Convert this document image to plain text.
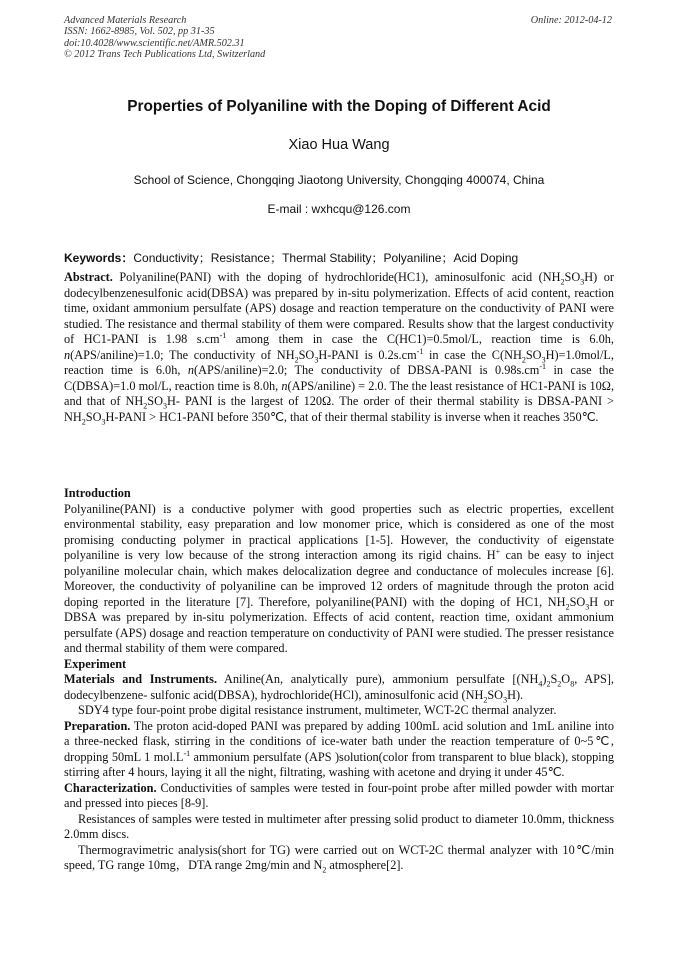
Advanced Materials Research
ISSN: 1662-8985, Vol. 502, pp 31-35
doi:10.4028/www.scientific.net/AMR.502.31
© 2012 Trans Tech Publications Ltd, Switzerland
Online: 2012-04-12
Properties of Polyaniline with the Doping of Different Acid
Xiao Hua Wang
School of Science, Chongqing Jiaotong University, Chongqing 400074, China
E-mail : wxhcqu@126.com
Keywords：Conductivity；Resistance；Thermal Stability；Polyaniline；Acid Doping
Abstract. Polyaniline(PANI) with the doping of hydrochloride(HC1), aminosulfonic acid $(NH_2SO_3H)$ or dodecylbenzenesulfonic acid(DBSA) was prepared by in-situ polymerization. Effects of acid content, reaction time, oxidant ammonium persulfate (APS) dosage and reaction temperature on the conductivity of PANI were studied. The resistance and thermal stability of them were compared. Results show that the largest conductivity of HC1-PANI is 1.98 $s.cm^{-1}$ among them in case the C(HC1)=0.5mol/L, reaction time is 6.0h, n(APS/aniline)=1.0; The conductivity of $NH_2SO_3H$-PANI is $0.2s.cm^{-1}$ in case the $C(NH_2SO_3H)=1.0mol/L$, reaction time is 6.0h, n(APS/aniline)=2.0; The conductivity of DBSA-PANI is $0.98s.cm^{-1}$ in case the C(DBSA)=1.0 mol/L, reaction time is 8.0h, n(APS/aniline) = 2.0. The the least resistance of HC1-PANI is 10Ω, and that of $NH_2SO_3H-$ PANI is the largest of 120Ω. The order of their thermal stability is DBSA-PANI > $NH_2SO_3H$-PANI > HC1-PANI before 350℃, that of their thermal stability is inverse when it reaches 350℃.

Introduction

Polyaniline(PANI) is a conductive polymer with good properties such as electric properties, excellent environmental stability, easy preparation and low monomer price, which is considered as one of the most promising conducting polymer in practical applications [1-5]. However, the conductivity of eigenstate polyaniline is very low because of the strong interaction among its rigid chains. H+ can be easy to inject polyaniline molecular chain, which makes delocalization degree and conductance of molecules increase [6]. Moreover, the conductivity of polyaniline can be improved 12 orders of magnitude through the proton acid doping reported in the literature [7]. Therefore, polyaniline(PANI) with the doping of HC1, $NH_2SO_3H$ or DBSA was prepared by in-situ polymerization. Effects of acid content, reaction time, oxidant ammonium persulfate (APS) dosage and reaction temperature on conductivity of PANI were studied. The presser resistance and thermal stability of them were compared.

Experiment

Materials and Instruments. Aniline(An, analytically pure), ammonium persulfate [$(NH_4)_2S_2O_8$, APS], dodecylbenzene- sulfonic acid(DBSA), hydrochloride(HCl), aminosulfonic acid $(NH_2SO_3H)$.

SDY4 type four-point probe digital resistance instrument, multimeter, WCT-2C thermal analyzer.

Preparation. The proton acid-doped PANI was prepared by adding 100mL acid solution and 1mL aniline into a three-necked flask, stirring in the conditions of ice-water bath under the reaction temperature of 0~5℃, dropping 50mL 1 $mol.L^{-1}$ ammonium persulfate (APS )solution(color from transparent to blue black), stopping stirring after 4 hours, laying it all the night, filtrating, washing with acetone and drying it under 45℃.

Characterization. Conductivities of samples were tested in four-point probe after milled powder with mortar and pressed into pieces [8-9].

Resistances of samples were tested in multimeter after pressing solid product to diameter 10.0mm, thickness 2.0mm discs.

Thermogravimetric analysis(short for TG) were carried out on WCT-2C thermal analyzer with 10℃/min speed, TG range 10mg，DTA range 2mg/min and $N_2$ atmosphere[2].
